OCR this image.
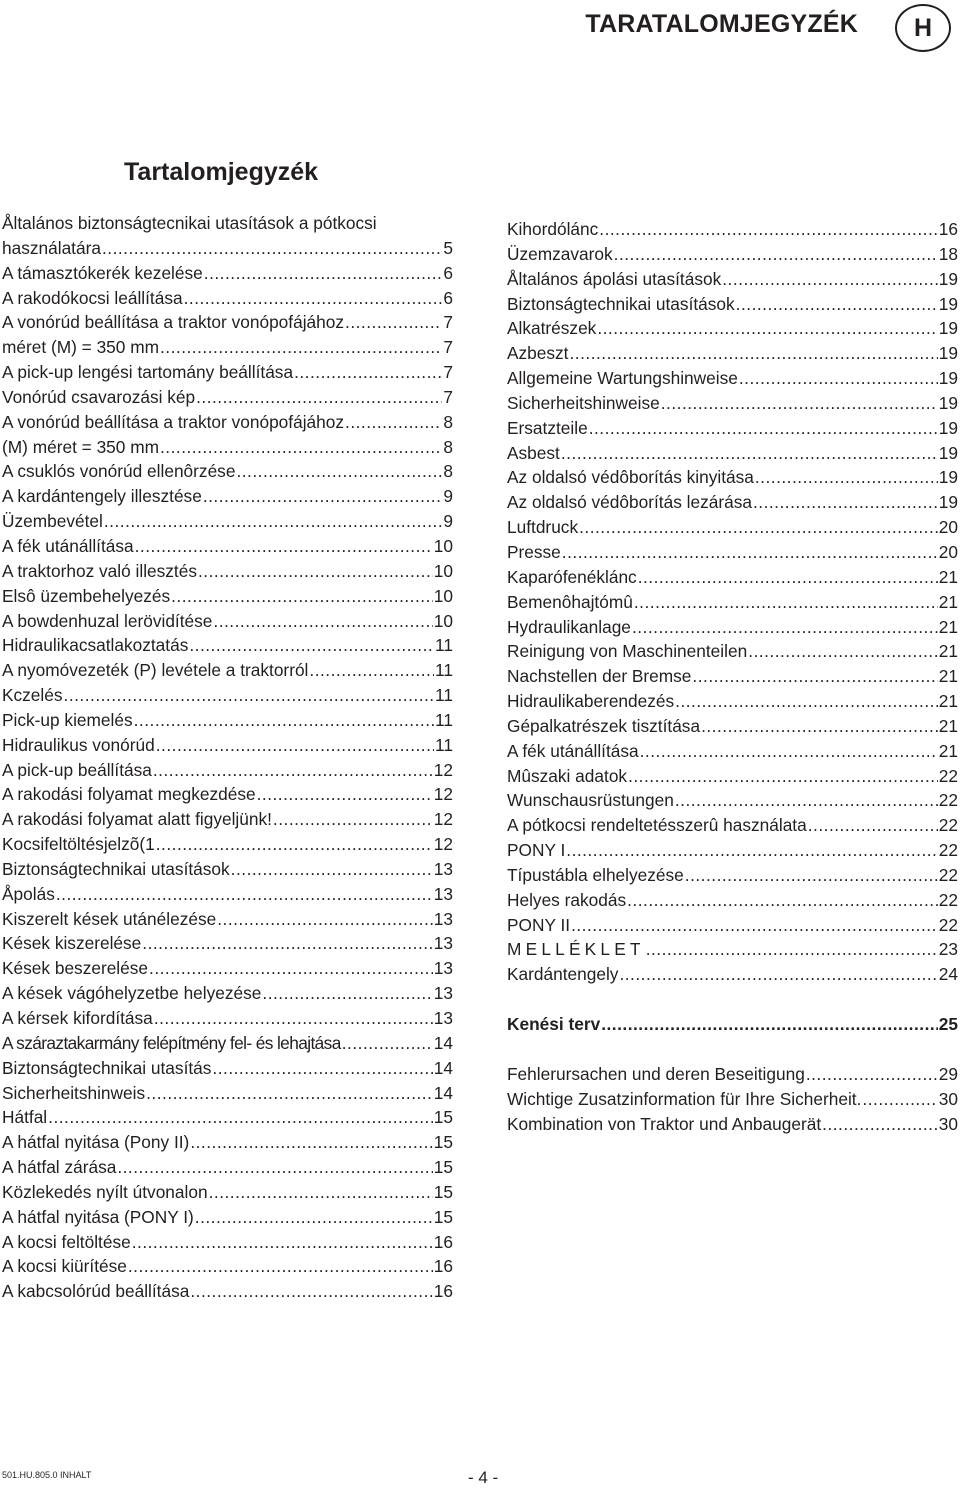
TARATALOMJEGYZÉK	H
Tartalomjegyzék
Åltalános biztonságtecnikai utasítások a pótkocsi
használatára .....	5
A támasztókerék kezelése .....	6
A rakodókocsi leállítása .....	6
A vonórúd beállítása a traktor vonópofájához .....	7
méret (M) = 350 mm .....	7
A pick-up lengési tartomány beállítása .....	7
Vonórúd csavarozási kép .....	7
A vonórúd beállítása a traktor vonópofájához .....	8
(M) méret = 350 mm .....	8
A csuklós vonórúd ellenôrzése .....	8
A kardántengely illesztése .....	9
Üzembevétel .....	9
A fék utánállítása .....	10
A traktorhoz való illesztés .....	10
Elsô üzembehelyezés .....	10
A bowdenhuzal lerövidítése .....	10
Hidraulikacsatlakoztatás .....	11
A nyomóvezeték (P) levétele a traktorról .....	11
Kczelés .....	11
Pick-up kiemelés .....	11
Hidraulikus vonórúd .....	11
A pick-up beállítása .....	12
A rakodási folyamat megkezdése .....	12
A rakodási folyamat alatt figyeljünk! .....	12
Kocsifeltöltésjelzõ(1 .....	12
Biztonságtechnikai utasítások .....	13
Åpolás .....	13
Kiszerelt kések utánélezése .....	13
Kések kiszerelése .....	13
Kések beszerelése .....	13
A kések vágóhelyzetbe helyezése .....	13
A kérsek kifordítása .....	13
A száraztakarmány felépítmény fel- és lehajtása .....	14
Biztonságtechnikai utasítás .....	14
Sicherheitshinweis .....	14
Hátfal .....	15
A hátfal nyitása (Pony II) .....	15
A hátfal zárása .....	15
Közlekedés nyílt útvonalon .....	15
A hátfal nyitása (PONY I) .....	15
A kocsi feltöltése .....	16
A kocsi kiürítése .....	16
A kabcsolórúd beállítása .....	16
Kihordólánc .....	16
Üzemzavarok .....	18
Åltalános ápolási utasítások .....	19
Biztonságtechnikai utasítások .....	19
Alkatrészek .....	19
Azbeszt .....	19
Allgemeine Wartungshinweise .....	19
Sicherheitshinweise .....	19
Ersatzteile .....	19
Asbest .....	19
Az oldalsó védôborítás kinyitása .....	19
Az oldalsó védôborítás lezárása .....	19
Luftdruck .....	20
Presse .....	20
Kaparófenéklánc .....	21
Bemenôhajtómû .....	21
Hydraulikanlage .....	21
Reinigung von Maschinenteilen .....	21
Nachstellen der Bremse .....	21
Hidraulikaberendezés .....	21
Gépalkatrészek tisztítása .....	21
A fék utánállítása .....	21
Mûszaki adatok .....	22
Wunschausrüstungen .....	22
A pótkocsi rendeltetésszerû használata .....	22
PONY I .....	22
Típustábla elhelyezése .....	22
Helyes rakodás .....	22
PONY II .....	22
MELLÉKLET .....	23
Kardántengely .....	24
Kenési terv .....	25
Fehlerursachen und deren Beseitigung .....	29
Wichtige Zusatzinformation für Ihre Sicherheit. .....	30
Kombination von Traktor und Anbaugerät .....	30
501.HU.805.0 INHALT	- 4 -
